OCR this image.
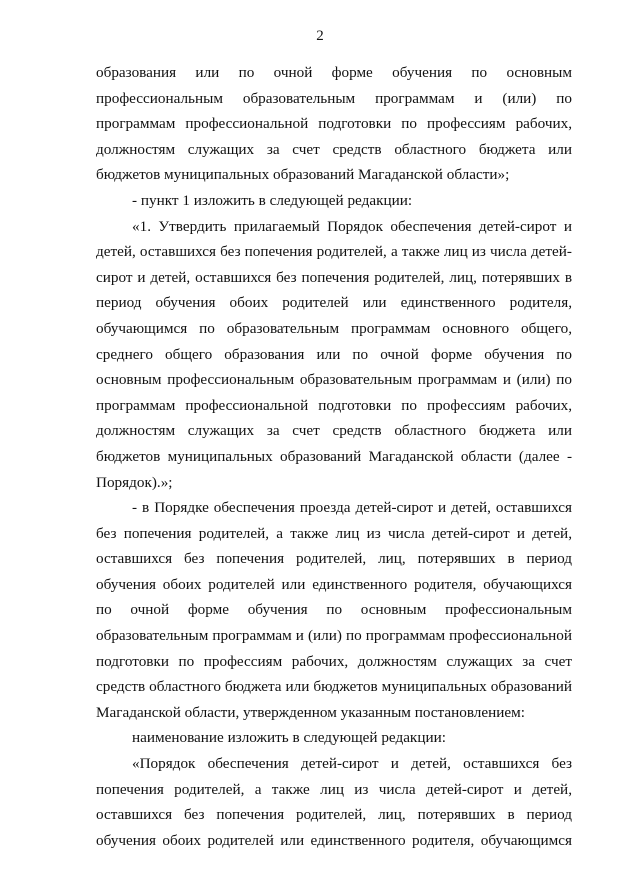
2

образования или по очной форме обучения по основным профессиональным образовательным программам и (или) по программам профессиональной подготовки по профессиям рабочих, должностям служащих за счет средств областного бюджета или бюджетов муниципальных образований Магаданской области»;

- пункт 1 изложить в следующей редакции:

«1. Утвердить прилагаемый Порядок обеспечения детей-сирот и детей, оставшихся без попечения родителей, а также лиц из числа детей-сирот и детей, оставшихся без попечения родителей, лиц, потерявших в период обучения обоих родителей или единственного родителя, обучающимся по образовательным программам основного общего, среднего общего образования или по очной форме обучения по основным профессиональным образовательным программам и (или) по программам профессиональной подготовки по профессиям рабочих, должностям служащих за счет средств областного бюджета или бюджетов муниципальных образований Магаданской области (далее - Порядок).»;

- в Порядке обеспечения проезда детей-сирот и детей, оставшихся без попечения родителей, а также лиц из числа детей-сирот и детей, оставшихся без попечения родителей, лиц, потерявших в период обучения обоих родителей или единственного родителя, обучающихся по очной форме обучения по основным профессиональным образовательным программам и (или) по программам профессиональной подготовки по профессиям рабочих, должностям служащих за счет средств областного бюджета или бюджетов муниципальных образований Магаданской области, утвержденном указанным постановлением:

наименование изложить в следующей редакции:

«Порядок обеспечения детей-сирот и детей, оставшихся без попечения родителей, а также лиц из числа детей-сирот и детей, оставшихся без попечения родителей, лиц, потерявших в период обучения обоих родителей или единственного родителя, обучающимся
